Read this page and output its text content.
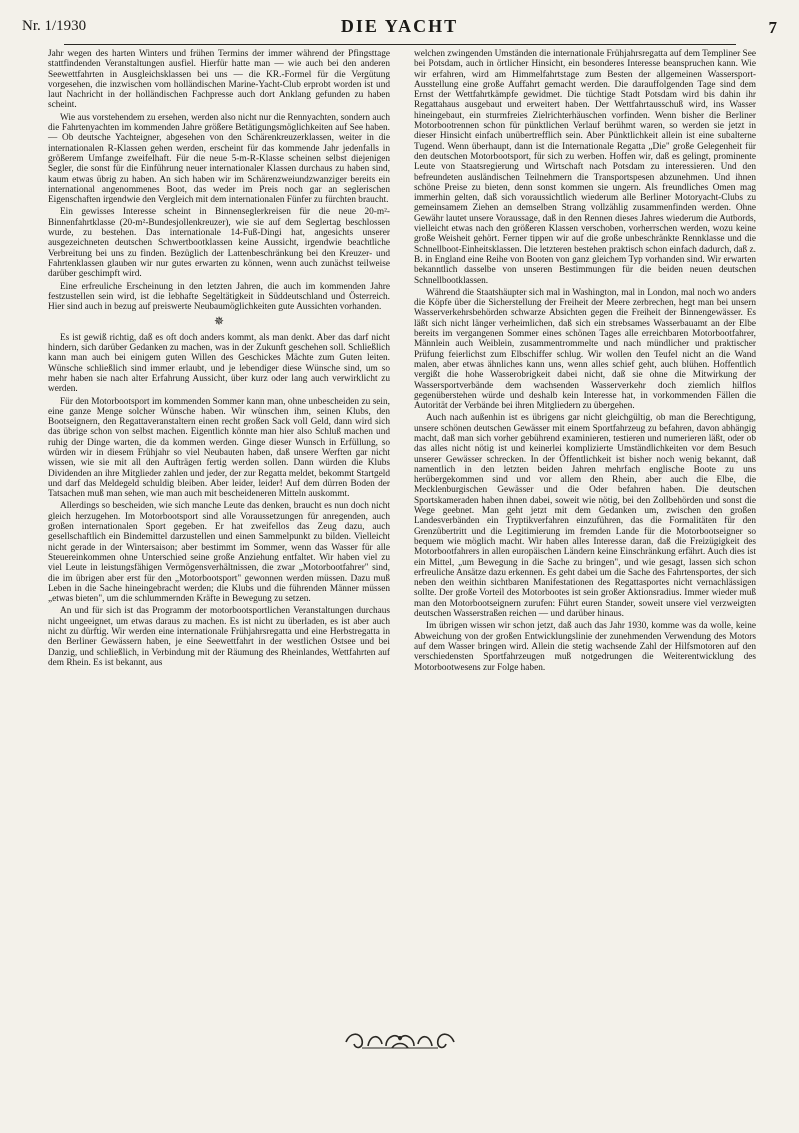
Nr. 1/1930	DIE YACHT	7

Jahr wegen des harten Winters und frühen Termins der immer während der Pfingsttage stattfindenden Veranstaltungen ausfiel. Hierfür hatte man — wie auch bei den anderen Seewettfahrten in Ausgleichsklassen bei uns — die KR.-Formel für die Vergütung vorgesehen, die inzwischen vom holländischen Marine-Yacht-Club erprobt worden ist und laut Nachricht in der holländischen Fachpresse auch dort Anklang gefunden zu haben scheint.

Wie aus vorstehendem zu ersehen, werden also nicht nur die Rennyachten, sondern auch die Fahrtenyachten im kommenden Jahre größere Betätigungsmöglichkeiten auf See haben. — Ob deutsche Yachteigner, abgesehen von den Schärenkreuzerklassen, weiter in die internationalen R-Klassen gehen werden, erscheint für das kommende Jahr jedenfalls in größerem Umfange zweifelhaft. Für die neue 5-m-R-Klasse scheinen selbst diejenigen Segler, die sonst für die Einführung neuer internationaler Klassen durchaus zu haben sind, kaum etwas übrig zu haben. An sich haben wir im Schärenzweiundzwanziger bereits ein international angenommenes Boot, das weder im Preis noch gar an seglerischen Eigenschaften irgendwie den Vergleich mit dem internationalen Fünfer zu fürchten braucht.

Ein gewisses Interesse scheint in Binnenseglerkreisen für die neue 20-m²-Binnenfahrtklasse (20-m²-Bundesjollenkreuzer), wie sie auf dem Seglertag beschlossen wurde, zu bestehen. Das internationale 14-Fuß-Dingi hat, angesichts unserer ausgezeichneten deutschen Schwertbootklassen keine Aussicht, irgendwie beachtliche Verbreitung bei uns zu finden. Bezüglich der Lattenbeschränkung bei den Kreuzer- und Fahrtenklassen glauben wir nur gutes erwarten zu können, wenn auch zunächst teilweise darüber geschimpft wird.

Eine erfreuliche Erscheinung in den letzten Jahren, die auch im kommenden Jahre festzustellen sein wird, ist die lebhafte Segeltätigkeit in Süddeutschland und Österreich. Hier sind auch in bezug auf preiswerte Neubaumöglichkeiten gute Aussichten vorhanden.

✵

Es ist gewiß richtig, daß es oft doch anders kommt, als man denkt. Aber das darf nicht hindern, sich darüber Gedanken zu machen, was in der Zukunft geschehen soll. Schließlich kann man auch bei einigem guten Willen des Geschickes Mächte zum Guten leiten. Wünsche schließlich sind immer erlaubt, und je lebendiger diese Wünsche sind, um so mehr haben sie nach alter Erfahrung Aussicht, über kurz oder lang auch verwirklicht zu werden.

Für den Motorbootsport im kommenden Sommer kann man, ohne unbescheiden zu sein, eine ganze Menge solcher Wünsche haben. Wir wünschen ihm, seinen Klubs, den Bootseignern, den Regattaveranstaltern einen recht großen Sack voll Geld, dann wird sich das übrige schon von selbst machen. Eigentlich könnte man hier also Schluß machen und ruhig der Dinge warten, die da kommen werden. Ginge dieser Wunsch in Erfüllung, so würden wir in diesem Frühjahr so viel Neubauten haben, daß unsere Werften gar nicht wissen, wie sie mit all den Aufträgen fertig werden sollen. Dann würden die Klubs Dividenden an ihre Mitglieder zahlen und jeder, der zur Regatta meldet, bekommt Startgeld und darf das Meldegeld schuldig bleiben. Aber leider, leider! Auf dem dürren Boden der Tatsachen muß man sehen, wie man auch mit bescheideneren Mitteln auskommt.

Allerdings so bescheiden, wie sich manche Leute das denken, braucht es nun doch nicht gleich herzugehen. Im Motorbootsport sind alle Voraussetzungen für anregenden, auch großen internationalen Sport gegeben. Er hat zweifellos das Zeug dazu, auch gesellschaftlich ein Bindemittel darzustellen und einen Sammelpunkt zu bilden. Vielleicht nicht gerade in der Wintersaison; aber bestimmt im Sommer, wenn das Wasser für alle Steuereinkommen ohne Unterschied seine große Anziehung entfaltet. Wir haben viel zu viel Leute in leistungsfähigen Vermögensverhältnissen, die zwar „Motorbootfahrer" sind, die im übrigen aber erst für den „Motorbootsport" gewonnen werden müssen. Dazu muß Leben in die Sache hineingebracht werden; die Klubs und die führenden Männer müssen „etwas bieten", um die schlummernden Kräfte in Bewegung zu setzen.

An und für sich ist das Programm der motorbootsportlichen Veranstaltungen durchaus nicht ungeeignet, um etwas daraus zu machen. Es ist nicht zu überladen, es ist aber auch nicht zu dürftig. Wir werden eine internationale Frühjahrsregatta und eine Herbstregatta in den Berliner Gewässern haben, je eine Seewettfahrt in der westlichen Ostsee und bei Danzig, und schließlich, in Verbindung mit der Räumung des Rheinlandes, Wettfahrten auf dem Rhein. Es ist bekannt, aus

welchen zwingenden Umständen die internationale Frühjahrsregatta auf dem Templiner See bei Potsdam, auch in örtlicher Hinsicht, ein besonderes Interesse beanspruchen kann. Wie wir erfahren, wird am Himmelfahrtstage zum Besten der allgemeinen Wassersport-Ausstellung eine große Auffahrt gemacht werden. Die darauffolgenden Tage sind dem Ernst der Wettfahrtkämpfe gewidmet. Die tüchtige Stadt Potsdam wird bis dahin ihr Regattahaus ausgebaut und erweitert haben. Der Wettfahrtausschuß wird, ins Wasser hineingebaut, ein sturmfreies Zielrichterhäuschen vorfinden. Wenn bisher die Berliner Motorbootrennen schon für pünktlichen Verlauf berühmt waren, so werden sie jetzt in dieser Hinsicht einfach unübertrefflich sein. Aber Pünktlichkeit allein ist eine subalterne Tugend. Wenn überhaupt, dann ist die Internationale Regatta „Die" große Gelegenheit für den deutschen Motorbootsport, für sich zu werben. Hoffen wir, daß es gelingt, prominente Leute von Staatsregierung und Wirtschaft nach Potsdam zu interessieren. Und den befreundeten ausländischen Teilnehmern die Transportspesen abzunehmen. Und ihnen schöne Preise zu bieten, denn sonst kommen sie ungern. Als freundliches Omen mag immerhin gelten, daß sich voraussichtlich wiederum alle Berliner Motoryacht-Clubs zu gemeinsamem Ziehen an demselben Strang vollzählig zusammenfinden werden. Ohne Gewähr lautet unsere Voraussage, daß in den Rennen dieses Jahres wiederum die Autbords, vielleicht etwas nach den größeren Klassen verschoben, vorherrschen werden, wozu keine große Weisheit gehört. Ferner tippen wir auf die große unbeschränkte Rennklasse und die Schnellboot-Einheitsklassen. Die letzteren bestehen praktisch schon einfach dadurch, daß z. B. in England eine Reihe von Booten von ganz gleichem Typ vorhanden sind. Wir erwarten bekanntlich dasselbe von unseren Bestimmungen für die beiden neuen deutschen Schnellbootklassen.

Während die Staatshäupter sich mal in Washington, mal in London, mal noch wo anders die Köpfe über die Sicherstellung der Freiheit der Meere zerbrechen, hegt man bei unsern Wasserverkehrsbehörden schwarze Absichten gegen die Freiheit der Binnengewässer. Es läßt sich nicht länger verheimlichen, daß sich ein strebsames Wasserbauamt an der Elbe bereits im vergangenen Sommer eines schönen Tages alle erreichbaren Motorbootfahrer, Männlein auch Weiblein, zusammentrommelte und nach mündlicher und praktischer Prüfung feierlichst zum Elbschiffer schlug. Wir wollen den Teufel nicht an die Wand malen, aber etwas ähnliches kann uns, wenn alles schief geht, auch blühen. Hoffentlich vergißt die hohe Wasserobrigkeit dabei nicht, daß sie ohne die Mitwirkung der Wassersportverbände dem wachsenden Wasserverkehr doch ziemlich hilflos gegenüberstehen würde und deshalb kein Interesse hat, in vorkommenden Fällen die Autorität der Verbände bei ihren Mitgliedern zu übergehen.

Auch nach außenhin ist es übrigens gar nicht gleichgültig, ob man die Berechtigung, unsere schönen deutschen Gewässer mit einem Sportfahrzeug zu befahren, davon abhängig macht, daß man sich vorher gebührend examinieren, testieren und numerieren läßt, oder ob das alles nicht nötig ist und keinerlei komplizierte Umständlichkeiten vor dem Besuch unserer Gewässer schrecken. In der Öffentlichkeit ist bisher noch wenig bekannt, daß namentlich in den letzten beiden Jahren mehrfach englische Boote zu uns herübergekommen sind und vor allem den Rhein, aber auch die Elbe, die Mecklenburgischen Gewässer und die Oder befahren haben. Die deutschen Sportskameraden haben ihnen dabei, soweit wie nötig, bei den Zollbehörden und sonst die Wege geebnet. Man geht jetzt mit dem Gedanken um, zwischen den großen Landesverbänden ein Tryptikverfahren einzuführen, das die Formalitäten für den Grenzübertritt und die Legitimierung im fremden Lande für die Motorbootseigner so bequem wie möglich macht. Wir haben alles Interesse daran, daß die Freizügigkeit des Motorbootfahrers in allen europäischen Ländern keine Einschränkung erfährt. Auch dies ist ein Mittel, „um Bewegung in die Sache zu bringen", und wie gesagt, lassen sich schon erfreuliche Ansätze dazu erkennen. Es geht dabei um die Sache des Fahrtensportes, der sich neben den weithin sichtbaren Manifestationen des Regattasportes nicht vernachlässigen sollte. Der große Vorteil des Motorbootes ist sein großer Aktionsradius. Immer wieder muß man den Motorbootseignern zurufen: Führt euren Stander, soweit unsere viel verzweigten deutschen Wasserstraßen reichen — und darüber hinaus.

Im übrigen wissen wir schon jetzt, daß auch das Jahr 1930, komme was da wolle, keine Abweichung von der großen Entwicklungslinie der zunehmenden Verwendung des Motors auf dem Wasser bringen wird. Allein die stetig wachsende Zahl der Hilfsmotoren auf den verschiedensten Sportfahrzeugen muß notgedrungen die Weiterentwicklung des Motorbootwesens zur Folge haben.
